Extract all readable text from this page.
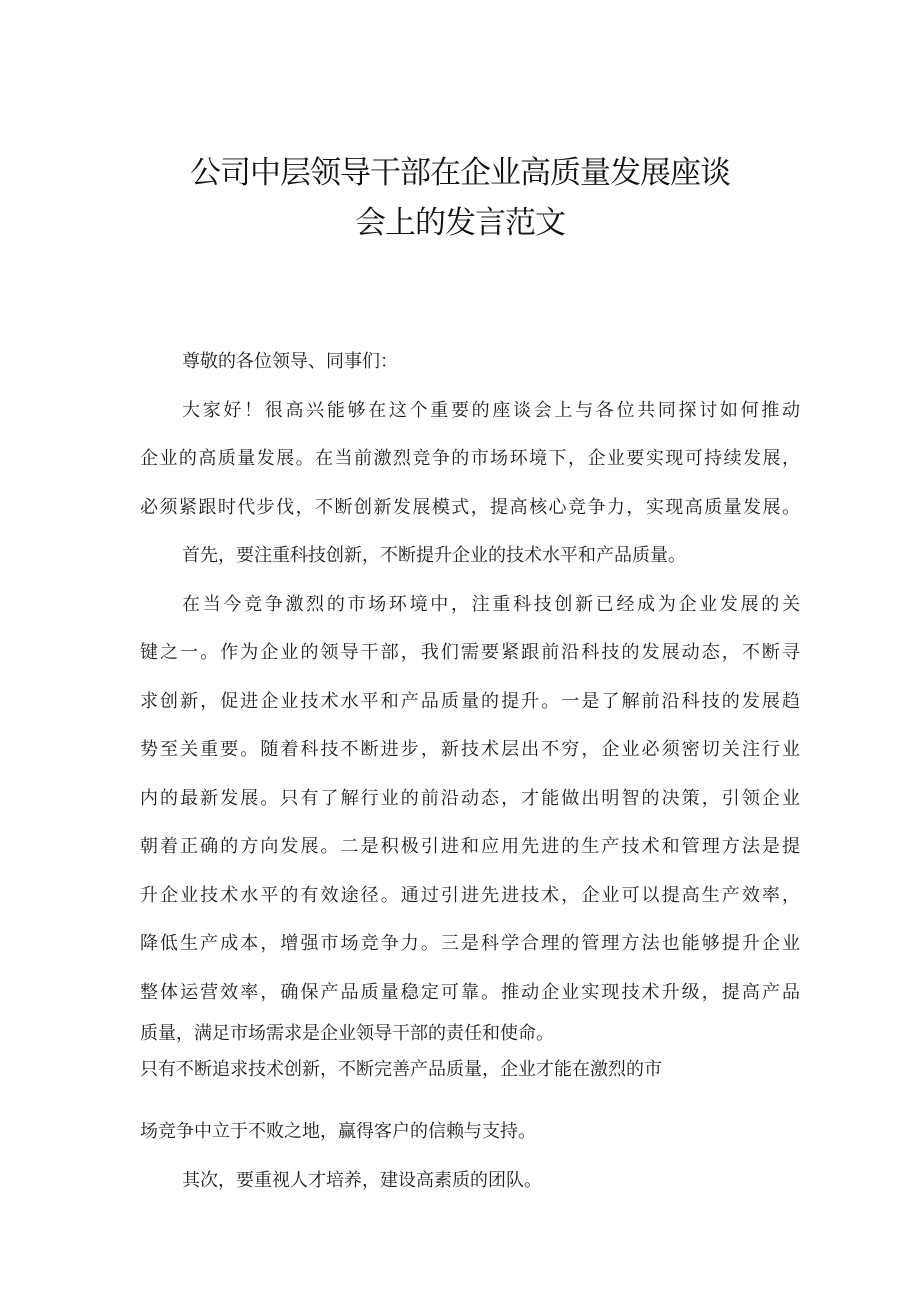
公司中层领导干部在企业高质量发展座谈
会上的发言范文
尊敬的各位领导、同事们：
大家好！很高兴能够在这个重要的座谈会上与各位共同探讨如何推动
企业的高质量发展。在当前激烈竞争的市场环境下，企业要实现可持续发展，
必须紧跟时代步伐，不断创新发展模式，提高核心竞争力，实现高质量发展。
首先，要注重科技创新，不断提升企业的技术水平和产品质量。
在当今竞争激烈的市场环境中，注重科技创新已经成为企业发展的关
键之一。作为企业的领导干部，我们需要紧跟前沿科技的发展动态，不断寻
求创新，促进企业技术水平和产品质量的提升。一是了解前沿科技的发展趋
势至关重要。随着科技不断进步，新技术层出不穷，企业必须密切关注行业
内的最新发展。只有了解行业的前沿动态，才能做出明智的决策，引领企业
朝着正确的方向发展。二是积极引进和应用先进的生产技术和管理方法是提
升企业技术水平的有效途径。通过引进先进技术，企业可以提高生产效率，
降低生产成本，增强市场竞争力。三是科学合理的管理方法也能够提升企业
整体运营效率，确保产品质量稳定可靠。推动企业实现技术升级，提高产品
质量，满足市场需求是企业领导干部的责任和使命。
只有不断追求技术创新，不断完善产品质量，企业才能在激烈的市
场竞争中立于不败之地，赢得客户的信赖与支持。
其次，要重视人才培养，建设高素质的团队。
